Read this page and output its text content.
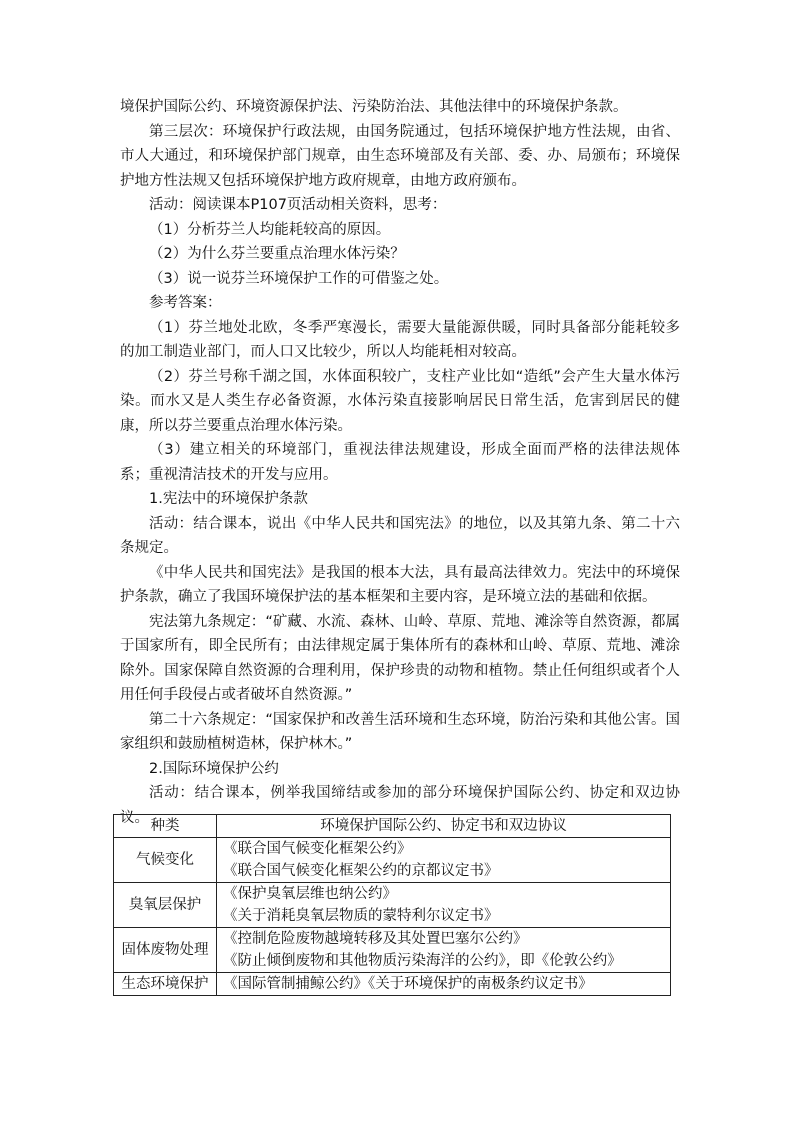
境保护国际公约、环境资源保护法、污染防治法、其他法律中的环境保护条款。

第三层次：环境保护行政法规，由国务院通过，包括环境保护地方性法规，由省、市人大通过，和环境保护部门规章，由生态环境部及有关部、委、办、局颁布；环境保护地方性法规又包括环境保护地方政府规章，由地方政府颁布。

活动：阅读课本P107页活动相关资料，思考：

（1）分析芬兰人均能耗较高的原因。

（2）为什么芬兰要重点治理水体污染？

（3）说一说芬兰环境保护工作的可借鉴之处。

参考答案：

（1）芬兰地处北欧，冬季严寒漫长，需要大量能源供暖，同时具备部分能耗较多的加工制造业部门，而人口又比较少，所以人均能耗相对较高。

（2）芬兰号称千湖之国，水体面积较广，支柱产业比如“造纸”会产生大量水体污染。而水又是人类生存必备资源，水体污染直接影响居民日常生活，危害到居民的健康，所以芬兰要重点治理水体污染。

（3）建立相关的环境部门，重视法律法规建设，形成全面而严格的法律法规体系；重视清洁技术的开发与应用。

1.宪法中的环境保护条款

活动：结合课本，说出《中华人民共和国宪法》的地位，以及其第九条、第二十六条规定。

《中华人民共和国宪法》是我国的根本大法，具有最高法律效力。宪法中的环境保护条款，确立了我国环境保护法的基本框架和主要内容，是环境立法的基础和依据。

宪法第九条规定：“矿藏、水流、森林、山岭、草原、荒地、滩涂等自然资源，都属于国家所有，即全民所有；由法律规定属于集体所有的森林和山岭、草原、荒地、滩涂除外。国家保障自然资源的合理利用，保护珍贵的动物和植物。禁止任何组织或者个人用任何手段侵占或者破坏自然资源。”

第二十六条规定：“国家保护和改善生活环境和生态环境，防治污染和其他公害。国家组织和鼓励植树造林，保护林木。”

2.国际环境保护公约

活动：结合课本，例举我国缔结或参加的部分环境保护国际公约、协定和双边协议。

种类	环境保护国际公约、协定书和双边协议
气候变化	《联合国气候变化框架公约》
《联合国气候变化框架公约的京都议定书》

臭氧层保护	《保护臭氧层维也纳公约》
《关于消耗臭氧层物质的蒙特利尔议定书》

固体废物处理	《控制危险废物越境转移及其处置巴塞尔公约》
《防止倾倒废物和其他物质污染海洋的公约》，即《伦敦公约》

生态环境保护	《国际管制捕鲸公约》《关于环境保护的南极条约议定书》
